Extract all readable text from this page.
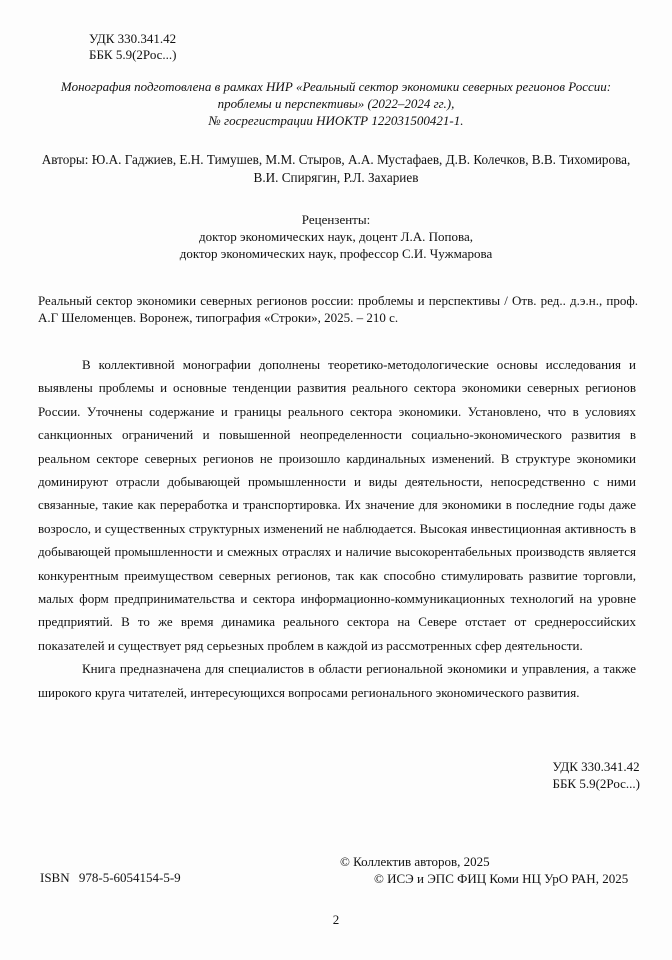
УДК 330.341.42
ББК 5.9(2Рос...)
Монография подготовлена в рамках НИР «Реальный сектор экономики северных регионов России:
проблемы и перспективы» (2022–2024 гг.),
№ госрегистрации НИОКТР 122031500421-1.
Авторы: Ю.А. Гаджиев, Е.Н. Тимушев, М.М. Стыров, А.А. Мустафаев, Д.В. Колечков, В.В. Тихомирова,
В.И. Спирягин, Р.Л. Захариев
Рецензенты:
доктор экономических наук, доцент Л.А. Попова,
доктор экономических наук, профессор С.И. Чужмарова
Реальный сектор экономики северных регионов россии: проблемы и перспективы / Отв. ред.. д.э.н., проф. А.Г Шеломенцев. Воронеж, типография «Строки», 2025. – 210 с.

В коллективной монографии дополнены теоретико-методологические основы исследования и выявлены проблемы и основные тенденции развития реального сектора экономики северных регионов России. Уточнены содержание и границы реального сектора экономики. Установлено, что в условиях санкционных ограничений и повышенной неопределенности социально-экономического развития в реальном секторе северных регионов не произошло кардинальных изменений. В структуре экономики доминируют отрасли добывающей промышленности и виды деятельности, непосредственно с ними связанные, такие как переработка и транспортировка. Их значение для экономики в последние годы даже возросло, и существенных структурных изменений не наблюдается. Высокая инвестиционная активность в добывающей промышленности и смежных отраслях и наличие высокорентабельных производств является конкурентным преимуществом северных регионов, так как способно стимулировать развитие торговли, малых форм предпринимательства и сектора информационно-коммуникационных технологий на уровне предприятий. В то же время динамика реального сектора на Севере отстает от среднероссийских показателей и существует ряд серьезных проблем в каждой из рассмотренных сфер деятельности.

Книга предназначена для специалистов в области региональной экономики и управления, а также широкого круга читателей, интересующихся вопросами регионального экономического развития.

УДК 330.341.42
ББК 5.9(2Рос...)
ISBN 978-5-6054154-5-9
© Коллектив авторов, 2025
© ИСЭ и ЭПС ФИЦ Коми НЦ УрО РАН, 2025
2
